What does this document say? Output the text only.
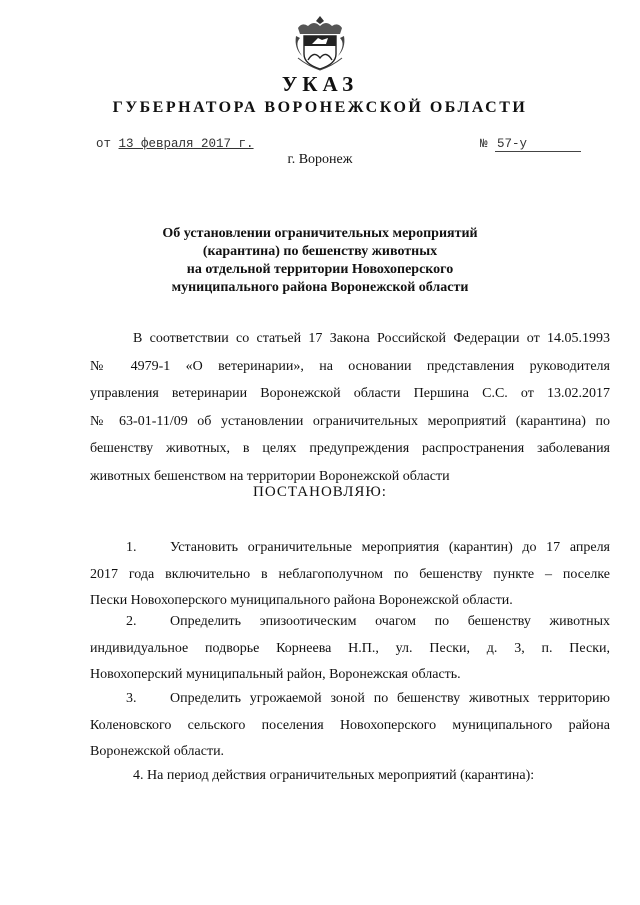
УКАЗ
ГУБЕРНАТОРА ВОРОНЕЖСКОЙ ОБЛАСТИ
от 13 февраля 2017 г.	№ 57-у
г. Воронеж
Об установлении ограничительных мероприятий
(карантина) по бешенству животных
на отдельной территории Новохоперского
муниципального района Воронежской области
В соответствии со статьей 17 Закона Российской Федерации от 14.05.1993
№ 4979-1 «О ветеринарии», на основании представления руководителя
управления ветеринарии Воронежской области Першина С.С. от 13.02.2017
№ 63-01-11/09 об установлении ограничительных мероприятий (карантина) по
бешенству животных, в целях предупреждения распространения заболевания
животных бешенством на территории Воронежской области
ПОСТАНОВЛЯЮ:
1. Установить ограничительные мероприятия (карантин) до 17 апреля
2017 года включительно в неблагополучном по бешенству пункте – поселке
Пески Новохоперского муниципального района Воронежской области.
2. Определить эпизоотическим очагом по бешенству животных
индивидуальное подворье Корнеева Н.П., ул. Пески, д. 3, п. Пески,
Новохоперский муниципальный район, Воронежская область.
3. Определить угрожаемой зоной по бешенству животных территорию
Коленовского сельского поселения Новохоперского муниципального района
Воронежской области.
4. На период действия ограничительных мероприятий (карантина):
